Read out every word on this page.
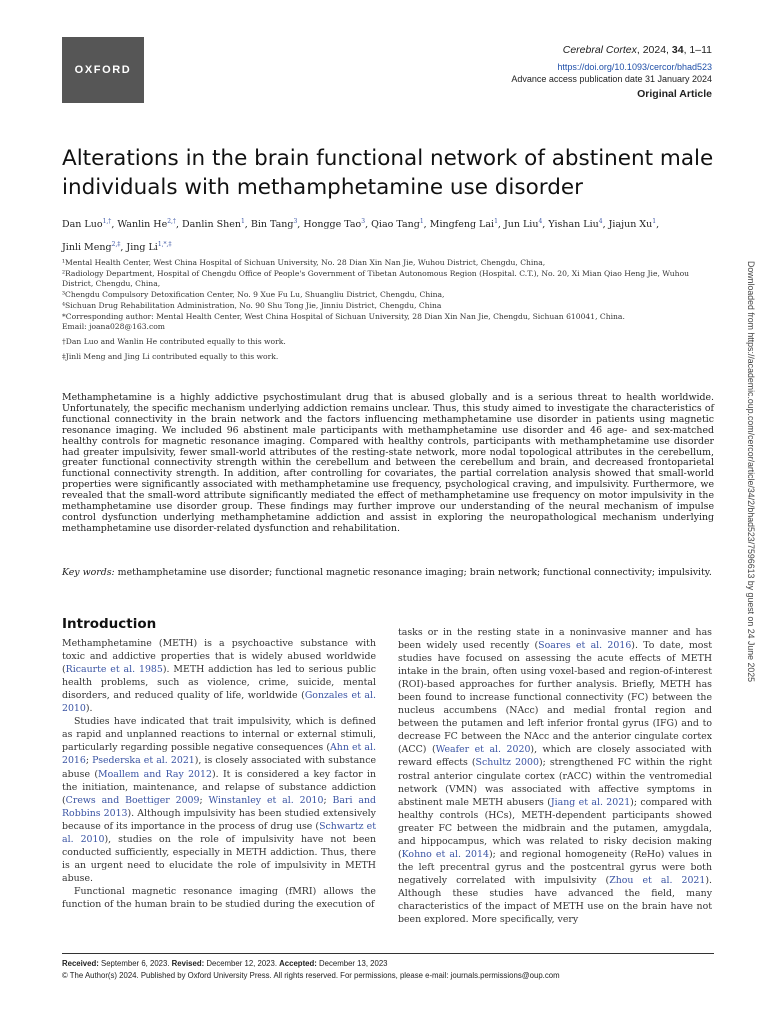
OXFORD
Cerebral Cortex, 2024, 34, 1–11
https://doi.org/10.1093/cercor/bhad523
Advance access publication date 31 January 2024
Original Article
Alterations in the brain functional network of abstinent male individuals with methamphetamine use disorder
Dan Luo$^{1,\dagger}$, Wanlin $He^{2,\dagger}$, Danlin Shen$^1$, Bin Tang$^3$, Hongge Tao$^3$, Qiao Tang$^1$, Mingfeng Lai$^1$, Jun Liu$^4$, Yishan Liu$^4$, Jiajun Xu$^1$,
Jinli Meng$^{2,\ddagger}$, Jing $Li^{1,*,\ddagger}$

¹Mental Health Center, West China Hospital of Sichuan University, No. 28 Dian Xin Nan Jie, Wuhou District, Chengdu, China,

²Radiology Department, Hospital of Chengdu Office of People's Government of Tibetan Autonomous Region (Hospital. C.T.), No. 20, Xi Mian Qiao Heng Jie, Wuhou District, Chengdu, China,

³Chengdu Compulsory Detoxification Center, No. 9 Xue Fu Lu, Shuangliu District, Chengdu, China,

⁴Sichuan Drug Rehabilitation Administration, No. 90 Shu Tong Jie, Jinniu District, Chengdu, China

*Corresponding author: Mental Health Center, West China Hospital of Sichuan University, 28 Dian Xin Nan Jie, Chengdu, Sichuan 610041, China.

Email: joana028@163.com

†Dan Luo and Wanlin He contributed equally to this work.

‡Jinli Meng and Jing Li contributed equally to this work.

Methamphetamine is a highly addictive psychostimulant drug that is abused globally and is a serious threat to health worldwide. Unfortunately, the specific mechanism underlying addiction remains unclear. Thus, this study aimed to investigate the characteristics of functional connectivity in the brain network and the factors influencing methamphetamine use disorder in patients using magnetic resonance imaging. We included 96 abstinent male participants with methamphetamine use disorder and 46 age- and sex-matched healthy controls for magnetic resonance imaging. Compared with healthy controls, participants with methamphetamine use disorder had greater impulsivity, fewer small-world attributes of the resting-state network, more nodal topological attributes in the cerebellum, greater functional connectivity strength within the cerebellum and between the cerebellum and brain, and decreased frontoparietal functional connectivity strength. In addition, after controlling for covariates, the partial correlation analysis showed that small-world properties were significantly associated with methamphetamine use frequency, psychological craving, and impulsivity. Furthermore, we revealed that the small-word attribute significantly mediated the effect of methamphetamine use frequency on motor impulsivity in the methamphetamine use disorder group. These findings may further improve our understanding of the neural mechanism of impulse control dysfunction underlying methamphetamine addiction and assist in exploring the neuropathological mechanism underlying methamphetamine use disorder-related dysfunction and rehabilitation.
Key words: methamphetamine use disorder; functional magnetic resonance imaging; brain network; functional connectivity; impulsivity.
Introduction

Methamphetamine (METH) is a psychoactive substance with toxic and addictive properties that is widely abused worldwide (Ricaurte et al. 1985). METH addiction has led to serious public health problems, such as violence, crime, suicide, mental disorders, and reduced quality of life, worldwide (Gonzales et al. 2010).

Studies have indicated that trait impulsivity, which is defined as rapid and unplanned reactions to internal or external stimuli, particularly regarding possible negative consequences (Ahn et al. 2016; Psederska et al. 2021), is closely associated with substance abuse (Moallem and Ray 2012). It is considered a key factor in the initiation, maintenance, and relapse of substance addiction (Crews and Boettiger 2009; Winstanley et al. 2010; Bari and Robbins 2013). Although impulsivity has been studied extensively because of its importance in the process of drug use (Schwartz et al. 2010), studies on the role of impulsivity have not been conducted sufficiently, especially in METH addiction. Thus, there is an urgent need to elucidate the role of impulsivity in METH abuse.

Functional magnetic resonance imaging (fMRI) allows the function of the human brain to be studied during the execution of

tasks or in the resting state in a noninvasive manner and has been widely used recently (Soares et al. 2016). To date, most studies have focused on assessing the acute effects of METH intake in the brain, often using voxel-based and region-of-interest (ROI)-based approaches for further analysis. Briefly, METH has been found to increase functional connectivity (FC) between the nucleus accumbens (NAcc) and medial frontal region and between the putamen and left inferior frontal gyrus (IFG) and to decrease FC between the NAcc and the anterior cingulate cortex (ACC) (Weafer et al. 2020), which are closely associated with reward effects (Schultz 2000); strengthened FC within the right rostral anterior cingulate cortex (rACC) within the ventromedial network (VMN) was associated with affective symptoms in abstinent male METH abusers (Jiang et al. 2021); compared with healthy controls (HCs), METH-dependent participants showed greater FC between the midbrain and the putamen, amygdala, and hippocampus, which was related to risky decision making (Kohno et al. 2014); and regional homogeneity (ReHo) values in the left precentral gyrus and the postcentral gyrus were both negatively correlated with impulsivity (Zhou et al. 2021). Although these studies have advanced the field, many characteristics of the impact of METH use on the brain have not been explored. More specifically, very

Received: September 6, 2023. Revised: December 12, 2023. Accepted: December 13, 2023
© The Author(s) 2024. Published by Oxford University Press. All rights reserved. For permissions, please e-mail: journals.permissions@oup.com
Downloaded from https://academic.oup.com/cercor/article/34/2/bhad523/7596613 by guest on 24 June 2025
